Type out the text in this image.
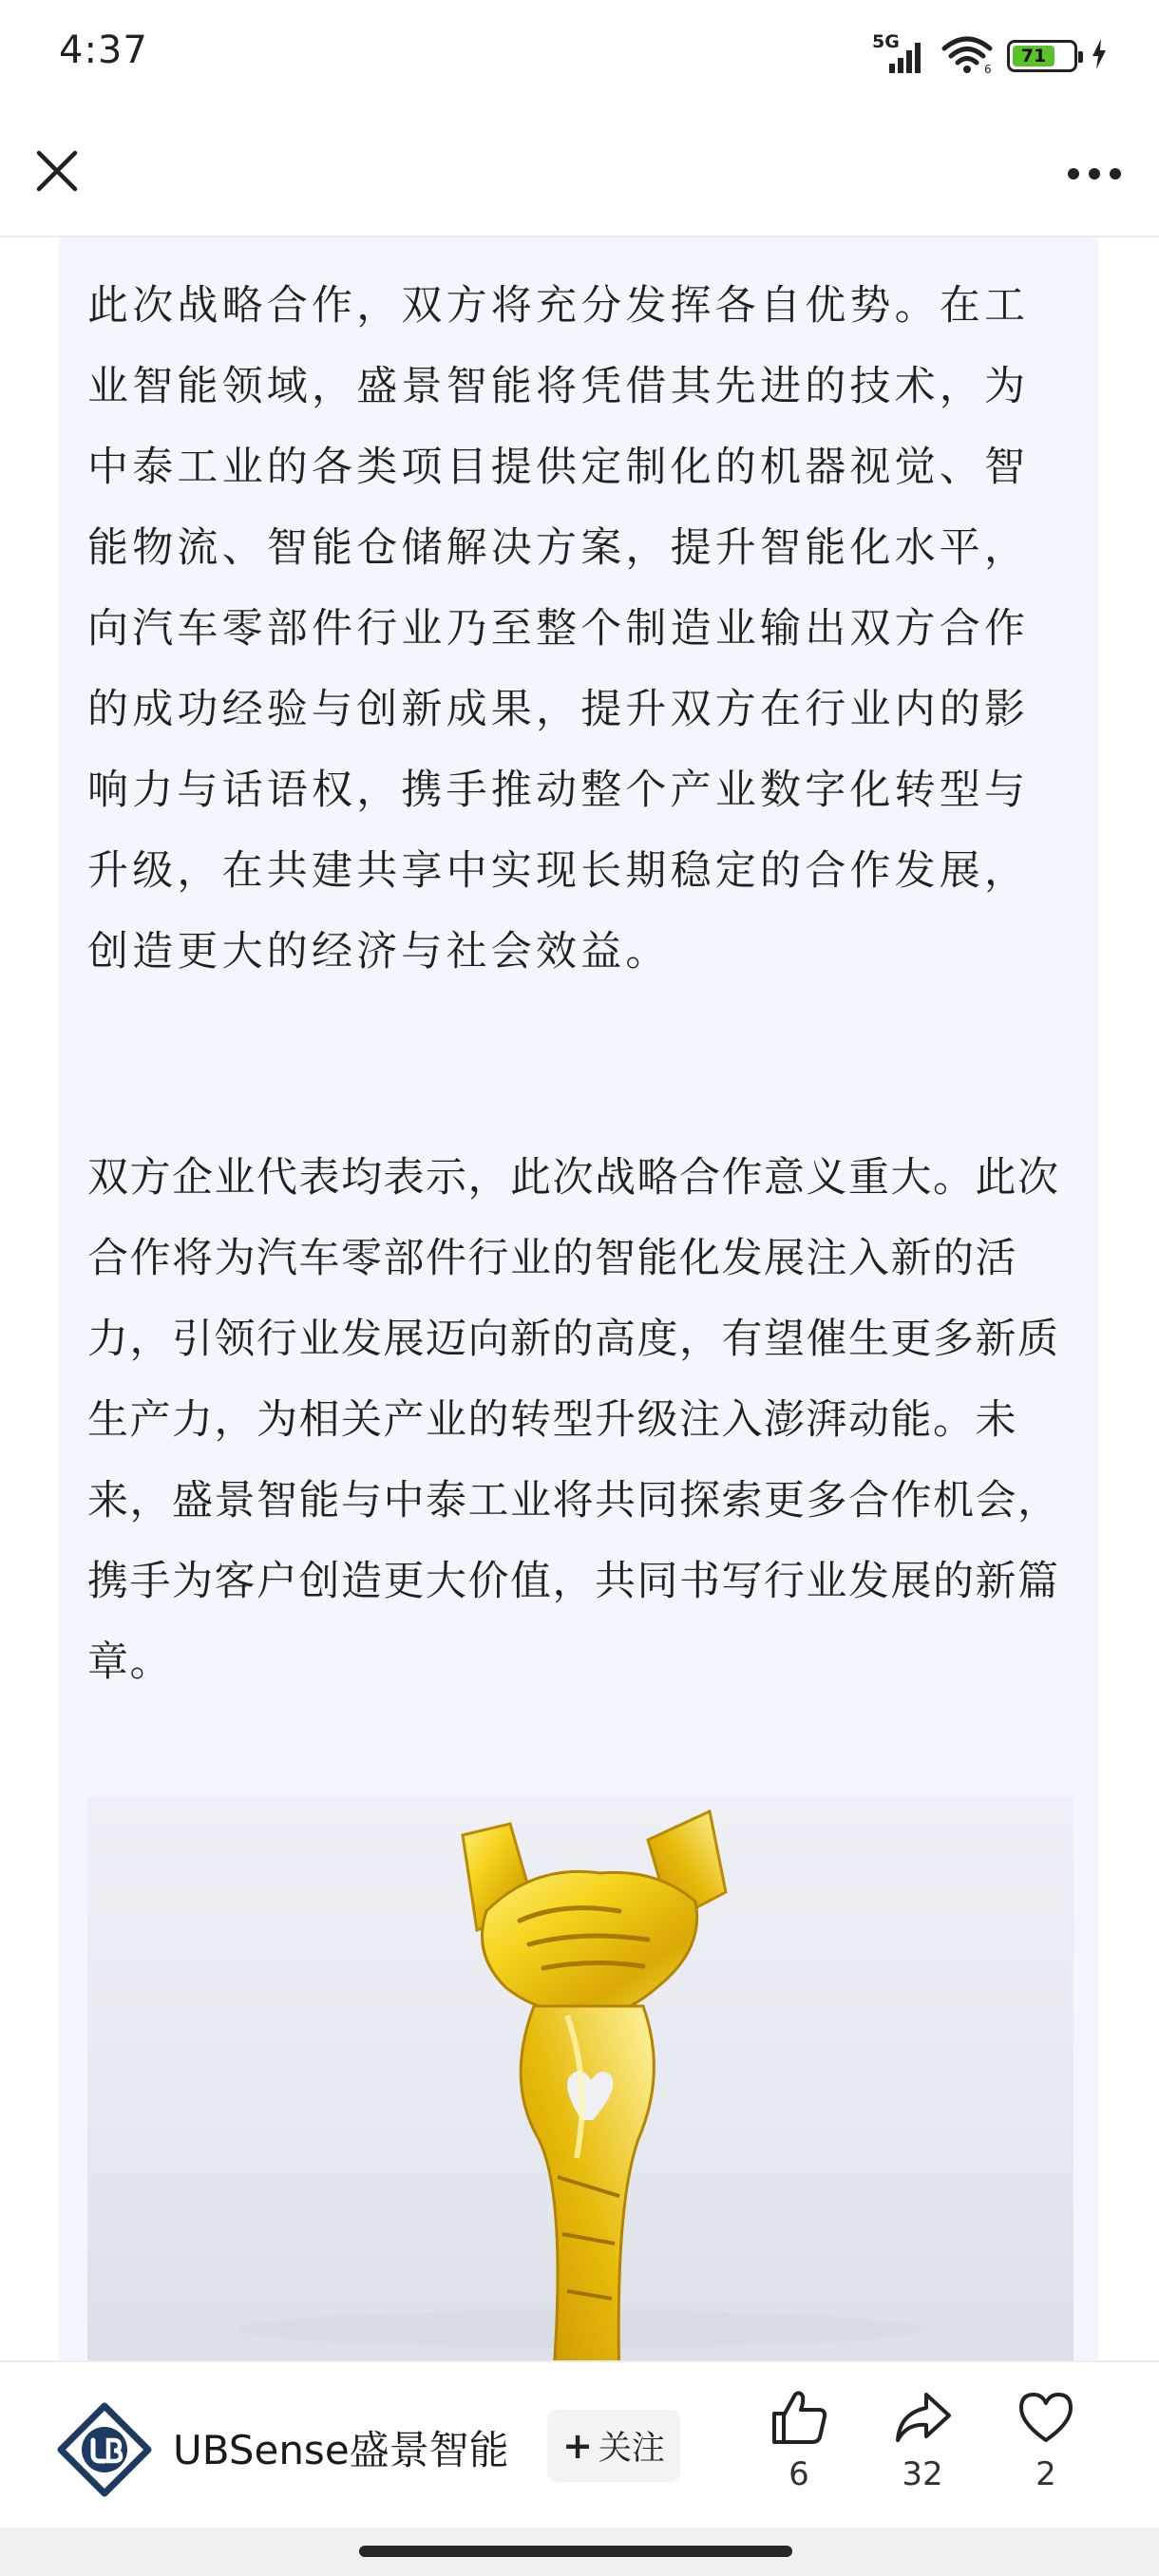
4:37	5G
6
71

此次战略合作，双方将充分发挥各自优势。在工业智能领域，盛景智能将凭借其先进的技术，为中泰工业的各类项目提供定制化的机器视觉、智能物流、智能仓储解决方案，提升智能化水平，向汽车零部件行业乃至整个制造业输出双方合作的成功经验与创新成果，提升双方在行业内的影响力与话语权，携手推动整个产业数字化转型与升级，在共建共享中实现长期稳定的合作发展，创造更大的经济与社会效益。

双方企业代表均表示，此次战略合作意义重大。此次合作将为汽车零部件行业的智能化发展注入新的活力，引领行业发展迈向新的高度，有望催生更多新质生产力，为相关产业的转型升级注入澎湃动能。未来，盛景智能与中泰工业将共同探索更多合作机会，携手为客户创造更大价值，共同书写行业发展的新篇章。

UBSense盛景智能 + 关注
6	32	2
